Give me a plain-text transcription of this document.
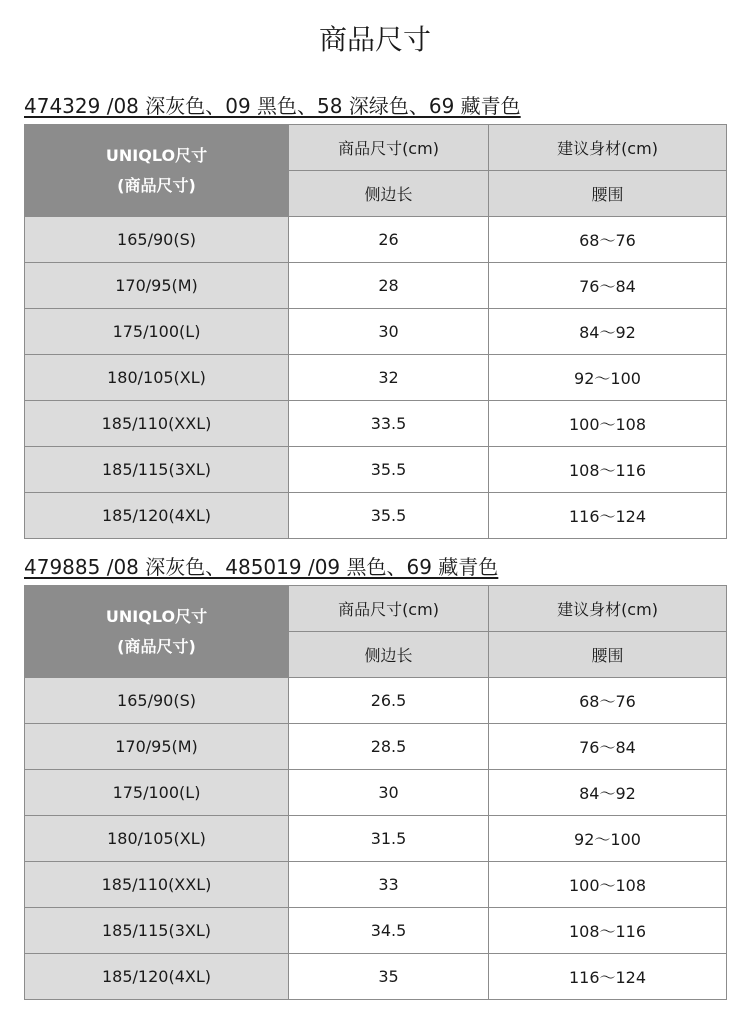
商品尺寸
474329 /08 深灰色、09 黑色、58 深绿色、69 藏青色
UNIQLO尺寸
(商品尺寸)	商品尺寸(cm)	建议身材(cm)
	侧边长	腰围
165/90(S)	26	68～76
170/95(M)	28	76～84
175/100(L)	30	84～92
180/105(XL)	32	92～100
185/110(XXL)	33.5	100～108
185/115(3XL)	35.5	108～116
185/120(4XL)	35.5	116～124
479885 /08 深灰色、485019 /09 黑色、69 藏青色
UNIQLO尺寸
(商品尺寸)	商品尺寸(cm)	建议身材(cm)
	侧边长	腰围
165/90(S)	26.5	68～76
170/95(M)	28.5	76～84
175/100(L)	30	84～92
180/105(XL)	31.5	92～100
185/110(XXL)	33	100～108
185/115(3XL)	34.5	108～116
185/120(4XL)	35	116～124
